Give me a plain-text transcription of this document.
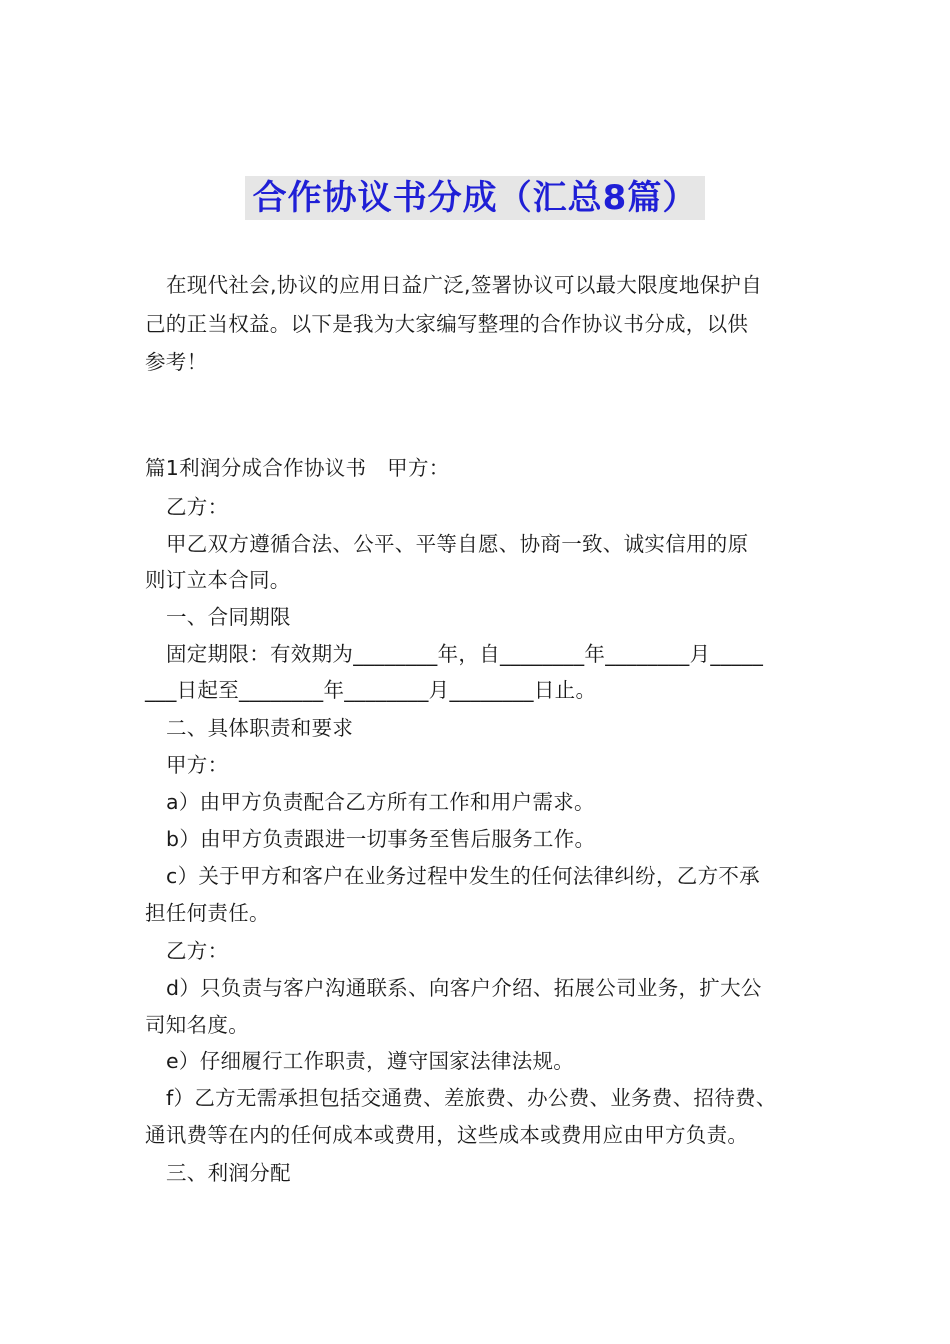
合作协议书分成（汇总8篇）
在现代社会,协议的应用日益广泛,签署协议可以最大限度地保护自
己的正当权益。以下是我为大家编写整理的合作协议书分成，以供
参考！
篇1利润分成合作协议书　甲方：
乙方：
甲乙双方遵循合法、公平、平等自愿、协商一致、诚实信用的原
则订立本合同。
一、合同期限
固定期限：有效期为________年，自________年________月_____
___日起至________年________月________日止。
二、具体职责和要求
甲方：
a）由甲方负责配合乙方所有工作和用户需求。
b）由甲方负责跟进一切事务至售后服务工作。
c）关于甲方和客户在业务过程中发生的任何法律纠纷，乙方不承
担任何责任。
乙方：
d）只负责与客户沟通联系、向客户介绍、拓展公司业务，扩大公
司知名度。
e）仔细履行工作职责，遵守国家法律法规。
f）乙方无需承担包括交通费、差旅费、办公费、业务费、招待费、
通讯费等在内的任何成本或费用，这些成本或费用应由甲方负责。
三、利润分配
